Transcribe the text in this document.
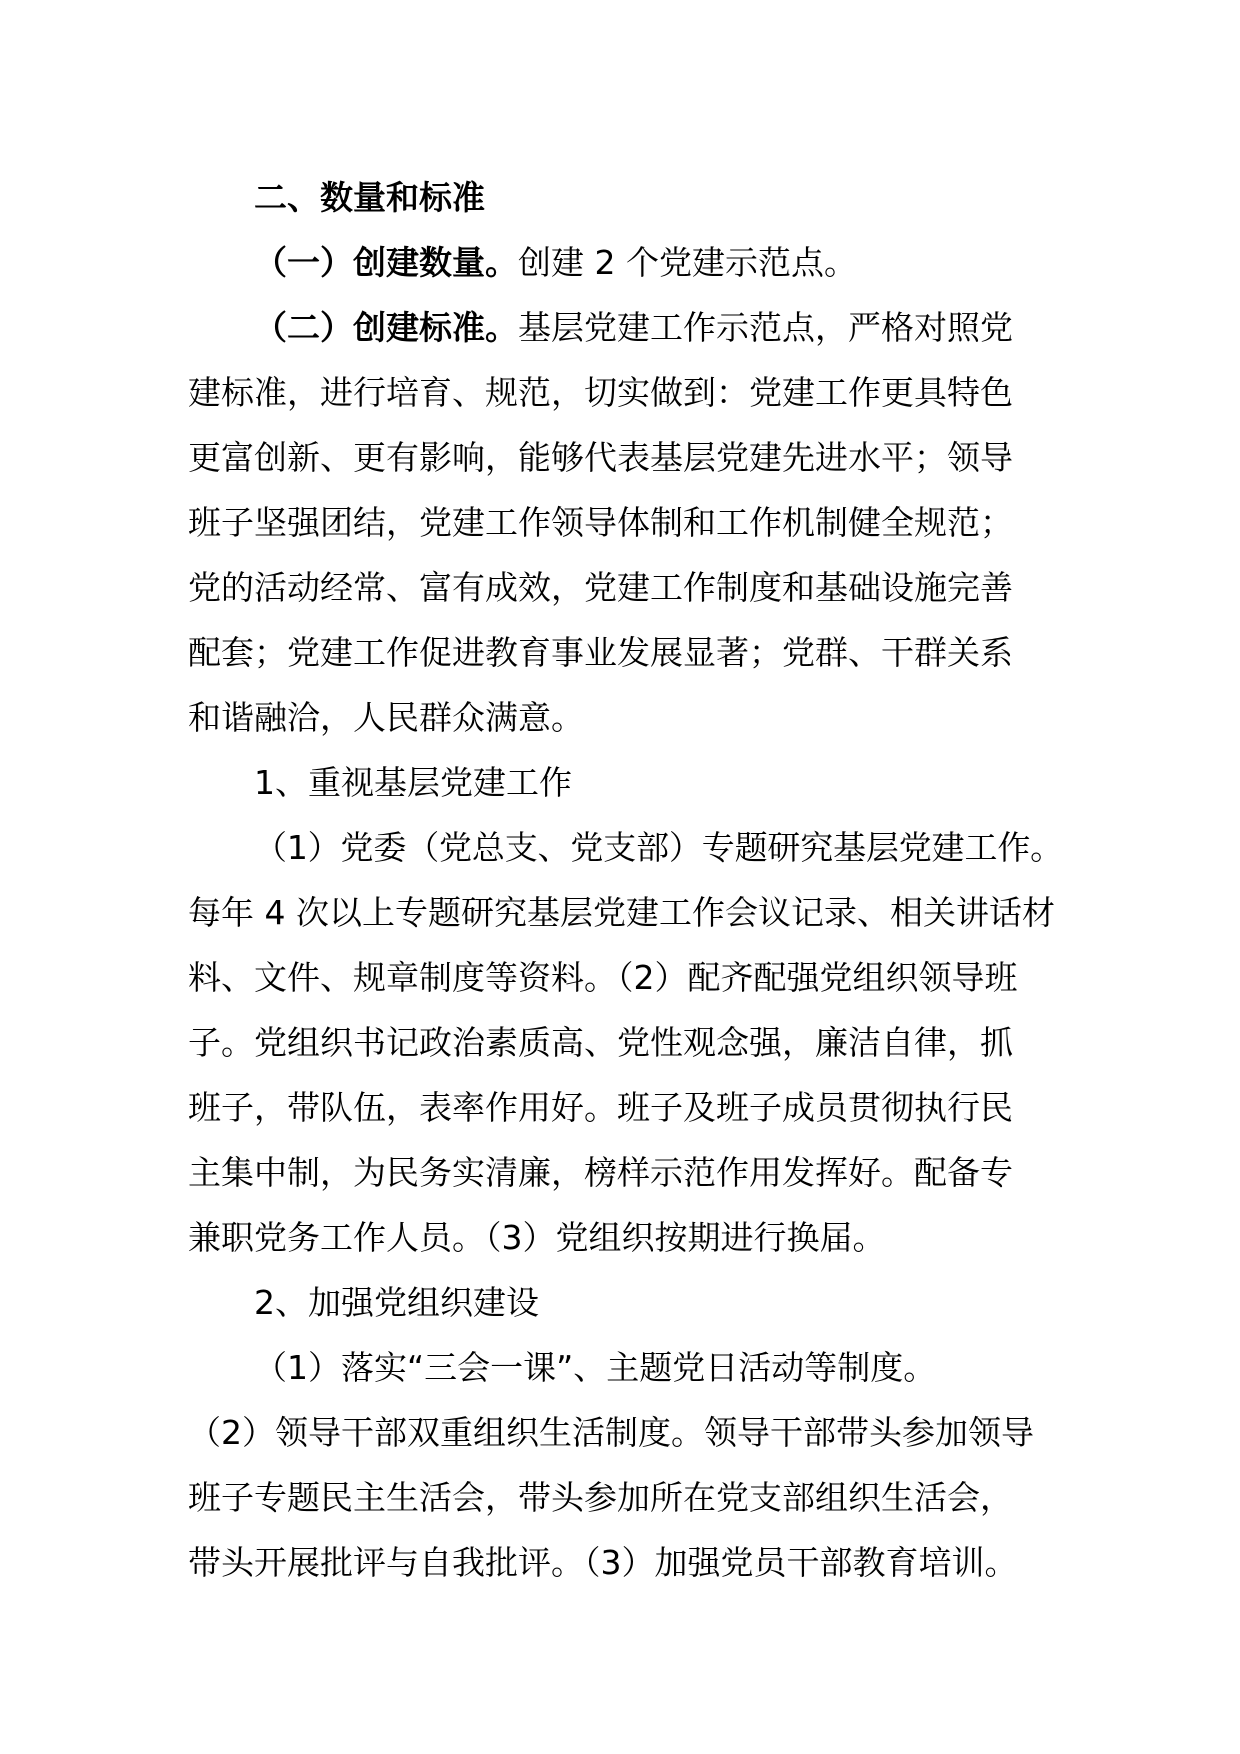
二、数量和标准
（一）创建数量。创建 2 个党建示范点。
（二）创建标准。基层党建工作示范点，严格对照党
建标准，进行培育、规范，切实做到：党建工作更具特色
更富创新、更有影响，能够代表基层党建先进水平；领导
班子坚强团结，党建工作领导体制和工作机制健全规范；
党的活动经常、富有成效，党建工作制度和基础设施完善
配套；党建工作促进教育事业发展显著；党群、干群关系
和谐融洽，人民群众满意。
1、重视基层党建工作
（1）党委（党总支、党支部）专题研究基层党建工作。
每年 4 次以上专题研究基层党建工作会议记录、相关讲话材
料、文件、规章制度等资料。（2）配齐配强党组织领导班
子。党组织书记政治素质高、党性观念强，廉洁自律，抓
班子，带队伍，表率作用好。班子及班子成员贯彻执行民
主集中制，为民务实清廉，榜样示范作用发挥好。配备专
兼职党务工作人员。（3）党组织按期进行换届。
2、加强党组织建设
（1）落实“三会一课”、主题党日活动等制度。
（2）领导干部双重组织生活制度。领导干部带头参加领导
班子专题民主生活会，带头参加所在党支部组织生活会，
带头开展批评与自我批评。（3）加强党员干部教育培训。
